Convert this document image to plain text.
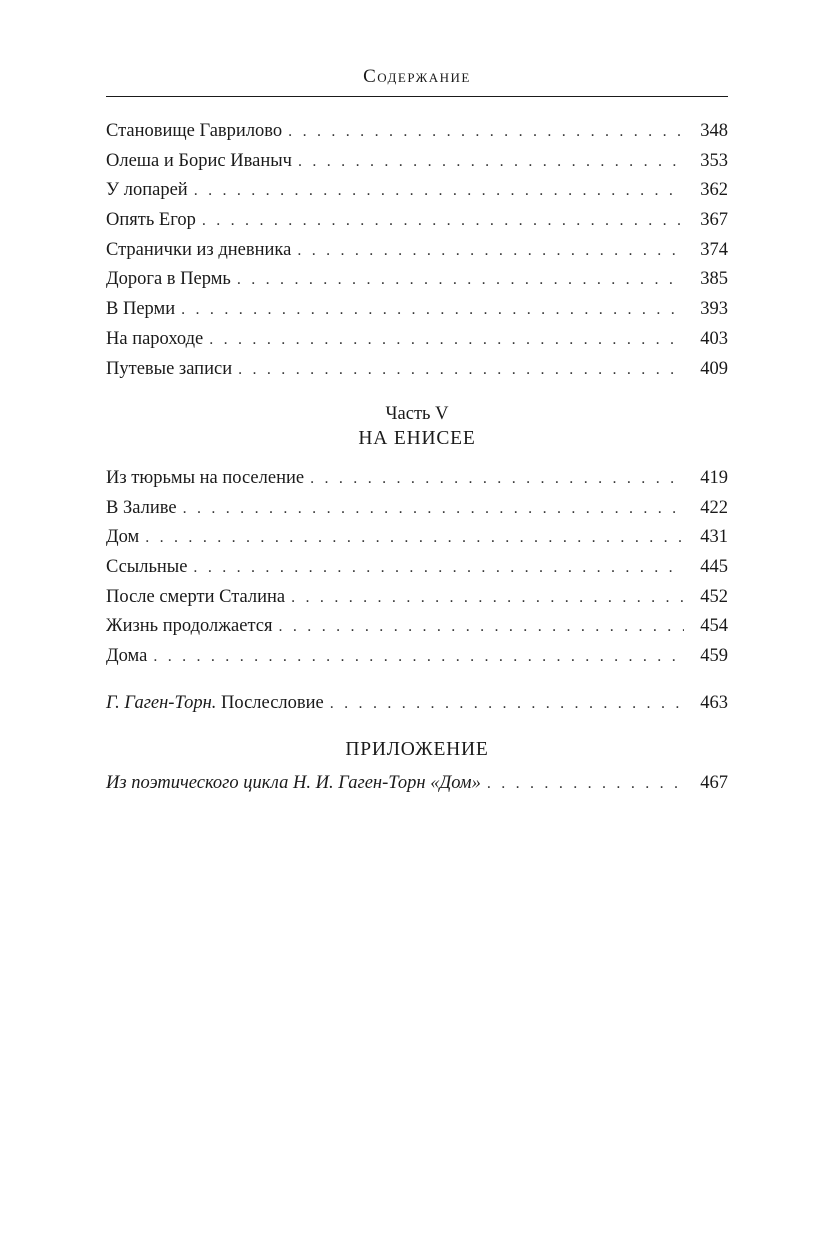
Содержание
Становище Гаврилово . . .	348
Олеша и Борис Иваныч . . .	353
У лопарей . . .	362
Опять Егор . . .	367
Странички из дневника . . .	374
Дорога в Пермь . . .	385
В Перми . . .	393
На пароходе . . .	403
Путевые записи . . .	409
Часть V
НА ЕНИСЕЕ
Из тюрьмы на поселение . . .	419
В Заливе . . .	422
Дом . . .	431
Ссыльные . . .	445
После смерти Сталина . . .	452
Жизнь продолжается . . .	454
Дома . . .	459
Г. Гаген-Торн. Послесловие . . .	463
ПРИЛОЖЕНИЕ
Из поэтического цикла Н. И. Гаген-Торн «Дом» . . .	467
